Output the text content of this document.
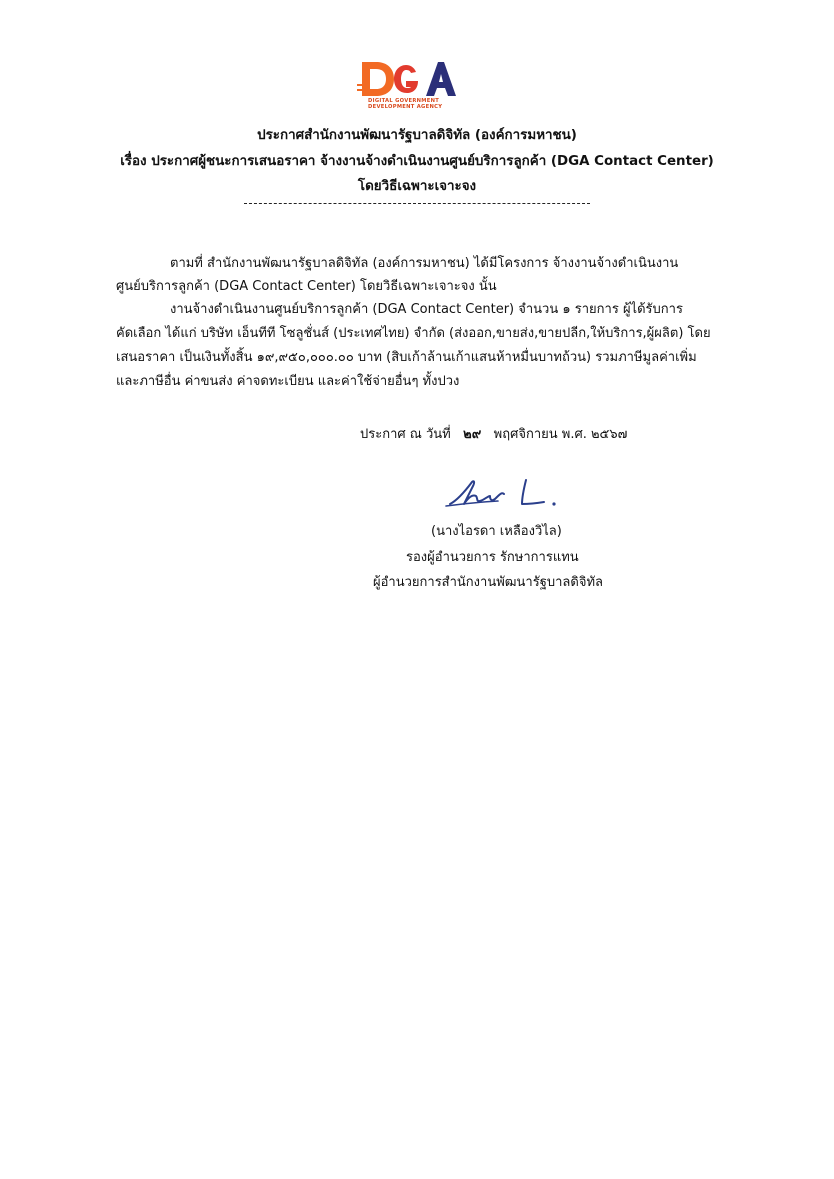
DIGITAL GOVERNMENT
DEVELOPMENT AGENCY
ประกาศสำนักงานพัฒนารัฐบาลดิจิทัล (องค์การมหาชน)
เรื่อง ประกาศผู้ชนะการเสนอราคา จ้างงานจ้างดำเนินงานศูนย์บริการลูกค้า (DGA Contact Center)
โดยวิธีเฉพาะเจาะจง
ตามที่ สำนักงานพัฒนารัฐบาลดิจิทัล (องค์การมหาชน) ได้มีโครงการ จ้างงานจ้างดำเนินงาน
ศูนย์บริการลูกค้า (DGA Contact Center) โดยวิธีเฉพาะเจาะจง นั้น
งานจ้างดำเนินงานศูนย์บริการลูกค้า (DGA Contact Center) จำนวน ๑ รายการ ผู้ได้รับการ
คัดเลือก ได้แก่ บริษัท เอ็นทีที โซลูชั่นส์ (ประเทศไทย) จำกัด (ส่งออก,ขายส่ง,ขายปลีก,ให้บริการ,ผู้ผลิต) โดย
เสนอราคา เป็นเงินทั้งสิ้น ๑๙,๙๕๐,๐๐๐.๐๐ บาท (สิบเก้าล้านเก้าแสนห้าหมื่นบาทถ้วน) รวมภาษีมูลค่าเพิ่ม
และภาษีอื่น ค่าขนส่ง ค่าจดทะเบียน และค่าใช้จ่ายอื่นๆ ทั้งปวง
ประกาศ ณ วันที่ ๒๙ พฤศจิกายน พ.ศ. ๒๕๖๗
(นางไอรดา เหลืองวิไล)
รองผู้อำนวยการ รักษาการแทน
ผู้อำนวยการสำนักงานพัฒนารัฐบาลดิจิทัล
